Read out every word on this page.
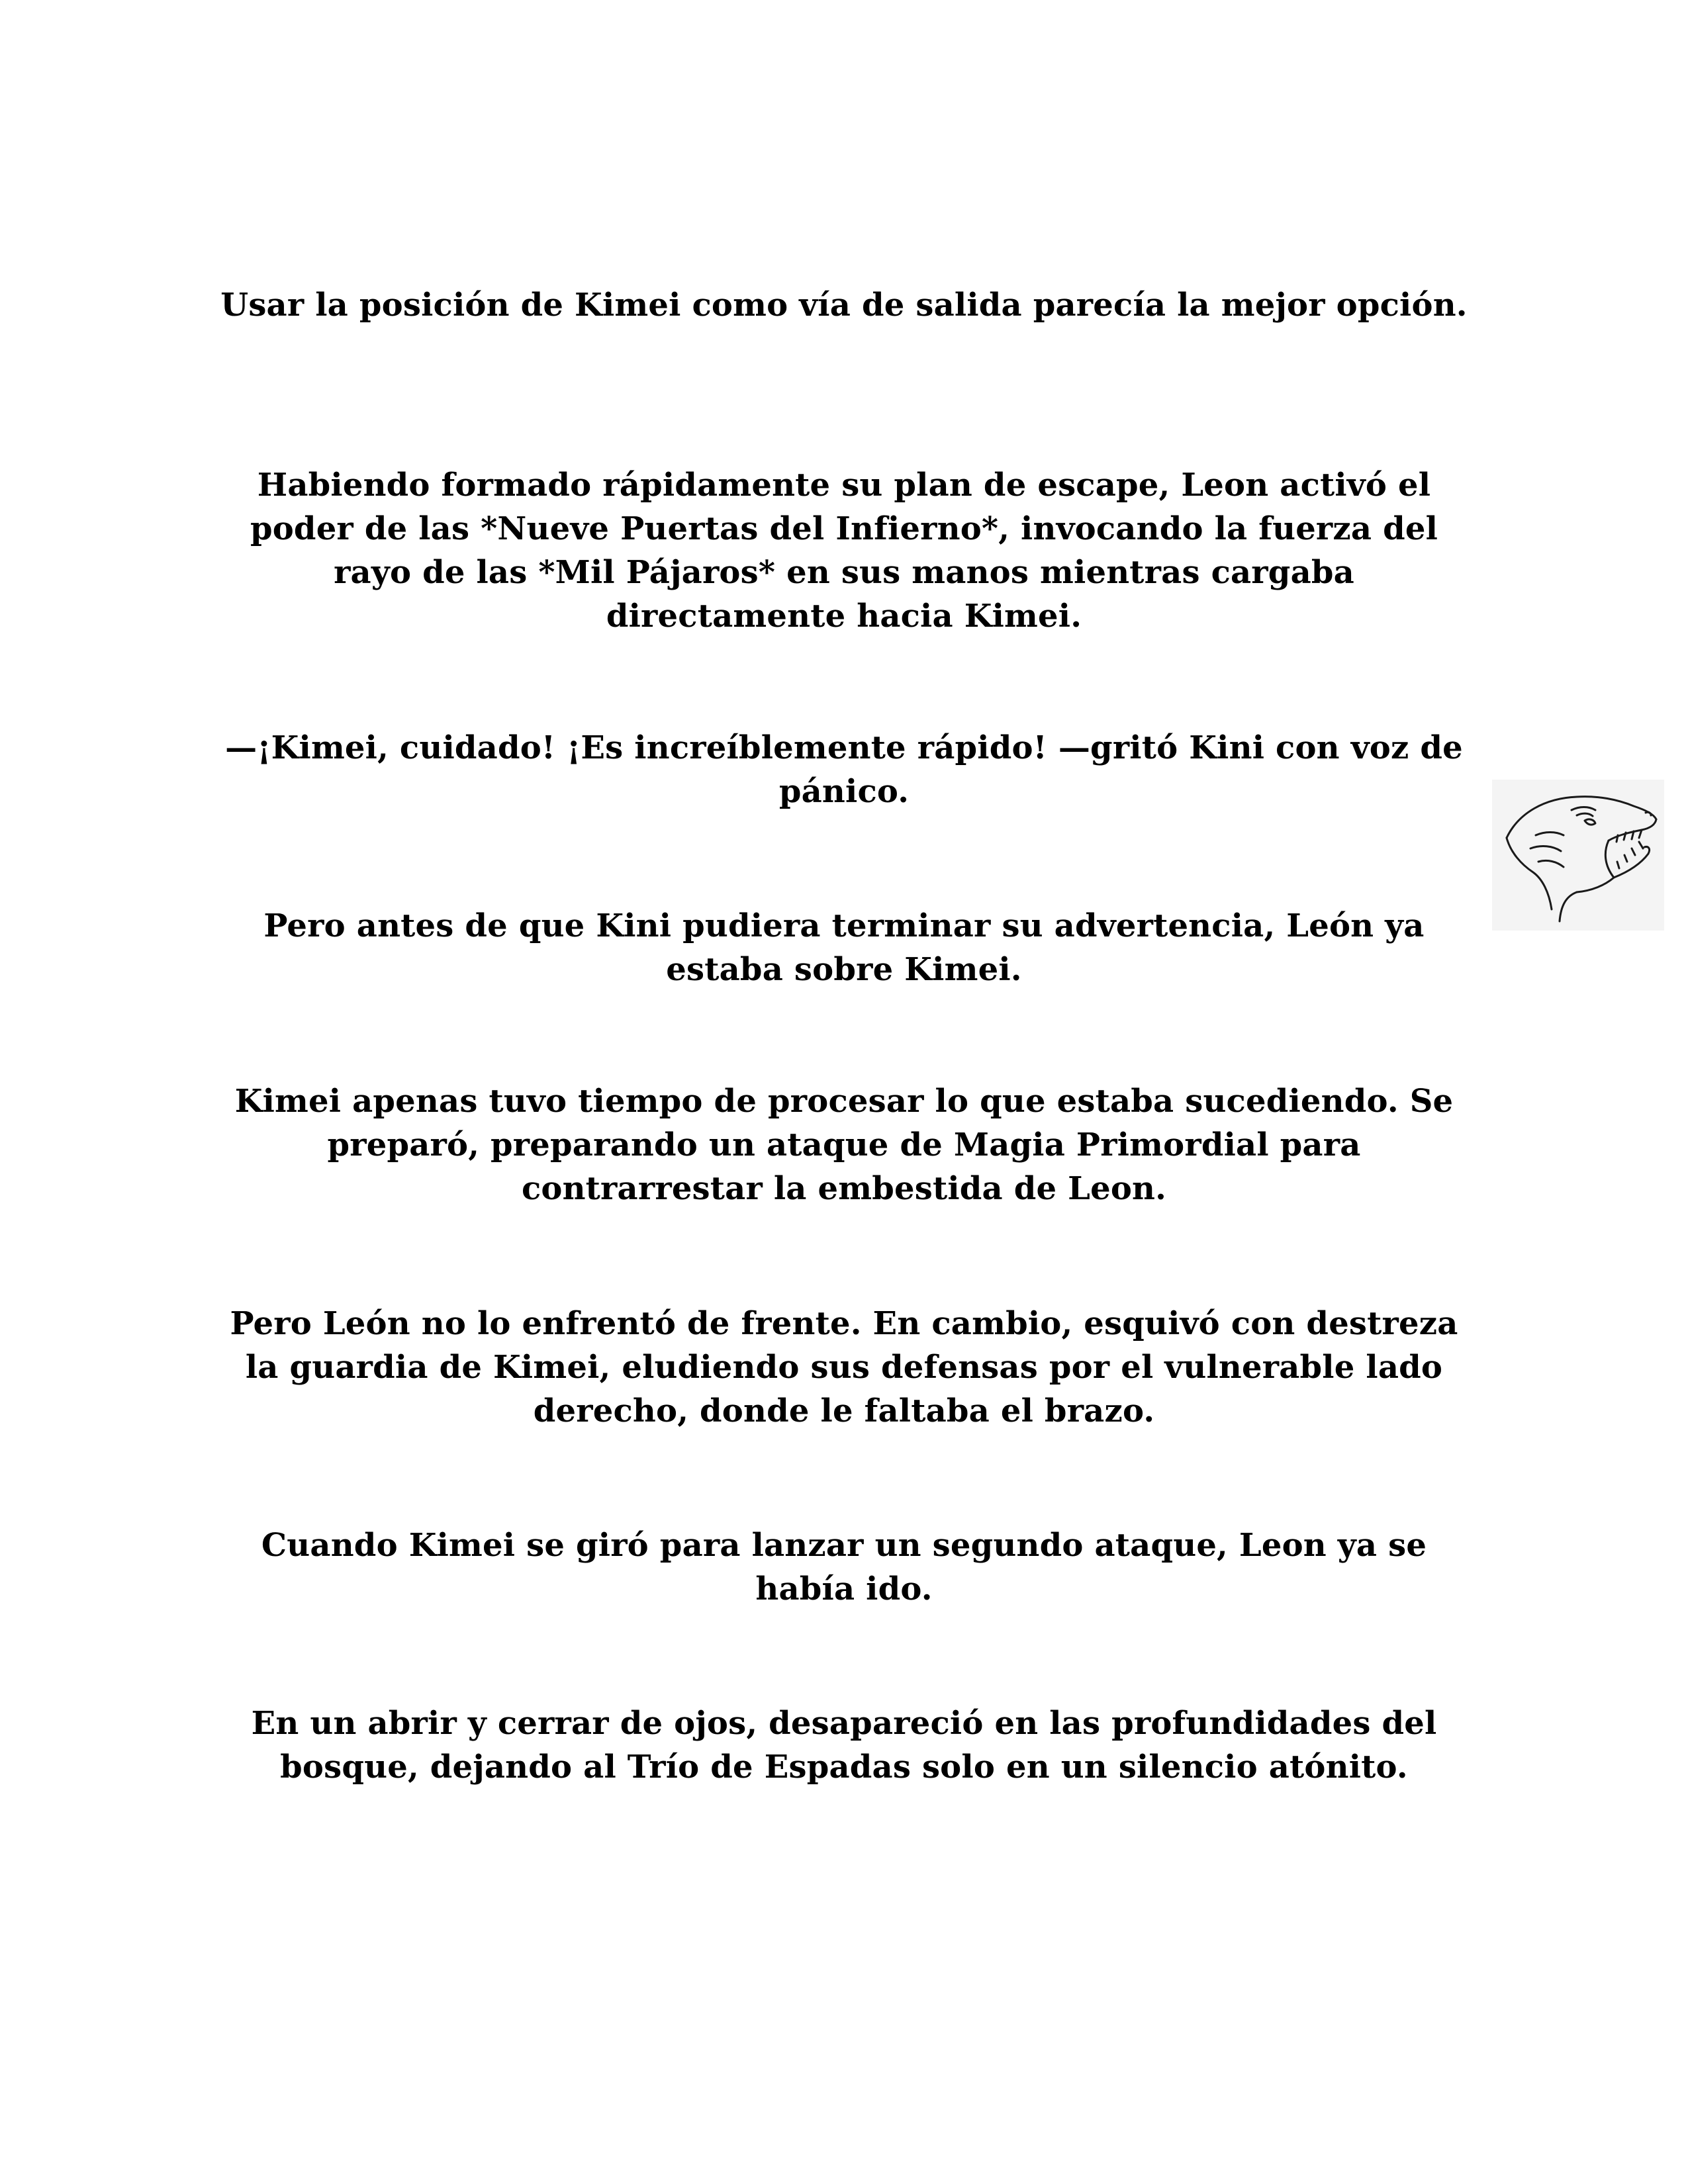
Usar la posición de Kimei como vía de salida parecía la mejor opción.

Habiendo formado rápidamente su plan de escape, Leon activó el poder de las *Nueve Puertas del Infierno*, invocando la fuerza del rayo de las *Mil Pájaros* en sus manos mientras cargaba directamente hacia Kimei.

—¡Kimei, cuidado! ¡Es increíblemente rápido! —gritó Kini con voz de pánico.

Pero antes de que Kini pudiera terminar su advertencia, León ya estaba sobre Kimei.

Kimei apenas tuvo tiempo de procesar lo que estaba sucediendo. Se preparó, preparando un ataque de Magia Primordial para contrarrestar la embestida de Leon.

Pero León no lo enfrentó de frente. En cambio, esquivó con destreza la guardia de Kimei, eludiendo sus defensas por el vulnerable lado derecho, donde le faltaba el brazo.

Cuando Kimei se giró para lanzar un segundo ataque, Leon ya se había ido.

En un abrir y cerrar de ojos, desapareció en las profundidades del bosque, dejando al Trío de Espadas solo en un silencio atónito.
